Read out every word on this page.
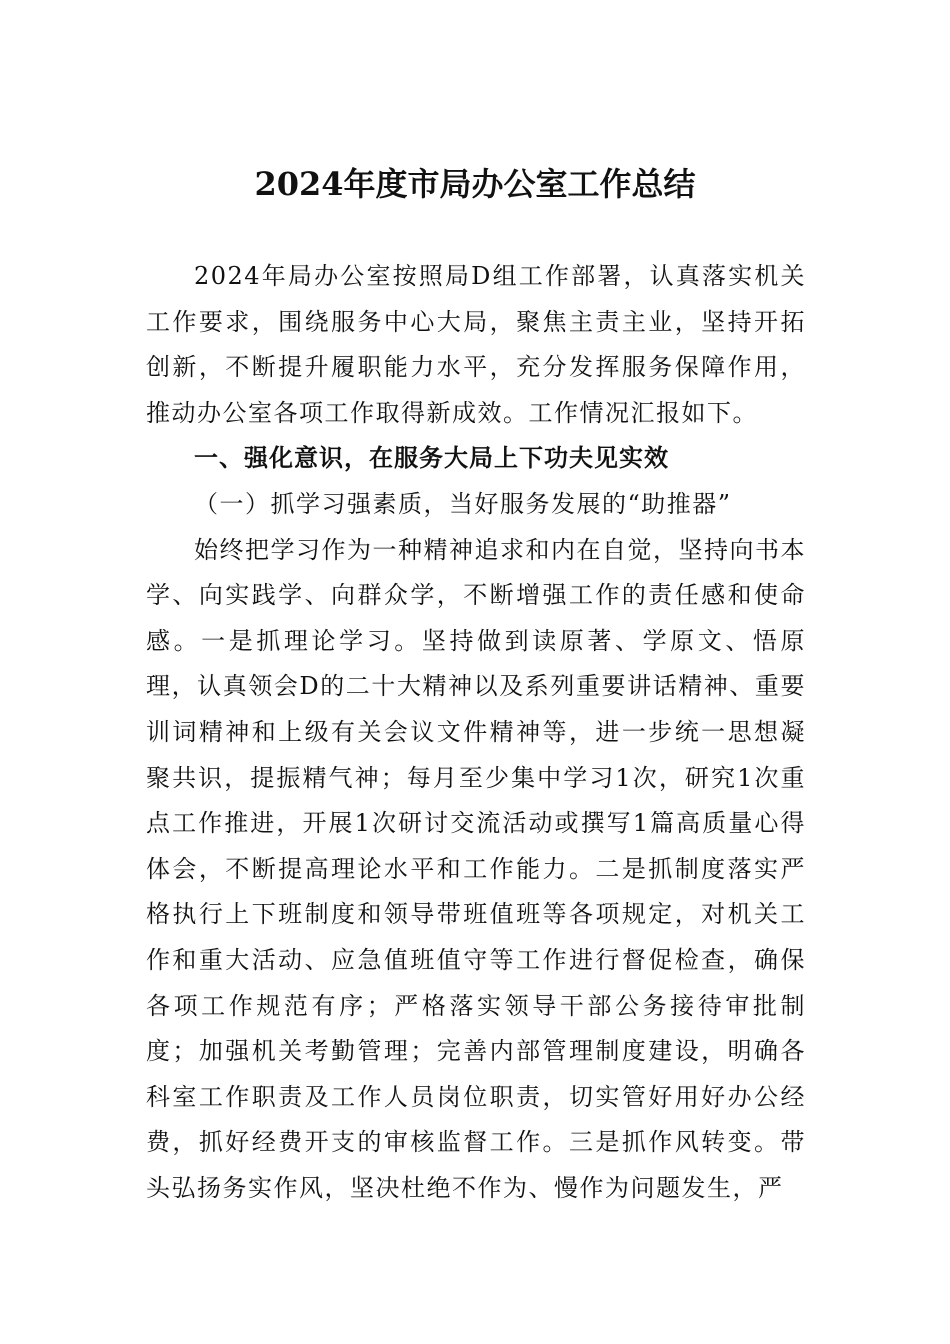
2024年度市局办公室工作总结

2024年局办公室按照局D组工作部署，认真落实机关工作要求，围绕服务中心大局，聚焦主责主业，坚持开拓创新，不断提升履职能力水平，充分发挥服务保障作用，推动办公室各项工作取得新成效。工作情况汇报如下。

一、强化意识，在服务大局上下功夫见实效

（一）抓学习强素质，当好服务发展的“助推器”

始终把学习作为一种精神追求和内在自觉，坚持向书本学、向实践学、向群众学，不断增强工作的责任感和使命感。一是抓理论学习。坚持做到读原著、学原文、悟原理，认真领会D的二十大精神以及系列重要讲话精神、重要训词精神和上级有关会议文件精神等，进一步统一思想凝聚共识，提振精气神；每月至少集中学习1次，研究1次重点工作推进，开展1次研讨交流活动或撰写1篇高质量心得体会，不断提高理论水平和工作能力。二是抓制度落实严格执行上下班制度和领导带班值班等各项规定，对机关工作和重大活动、应急值班值守等工作进行督促检查，确保各项工作规范有序；严格落实领导干部公务接待审批制度；加强机关考勤管理；完善内部管理制度建设，明确各科室工作职责及工作人员岗位职责，切实管好用好办公经费，抓好经费开支的审核监督工作。三是抓作风转变。带头弘扬务实作风，坚决杜绝不作为、慢作为问题发生，严
